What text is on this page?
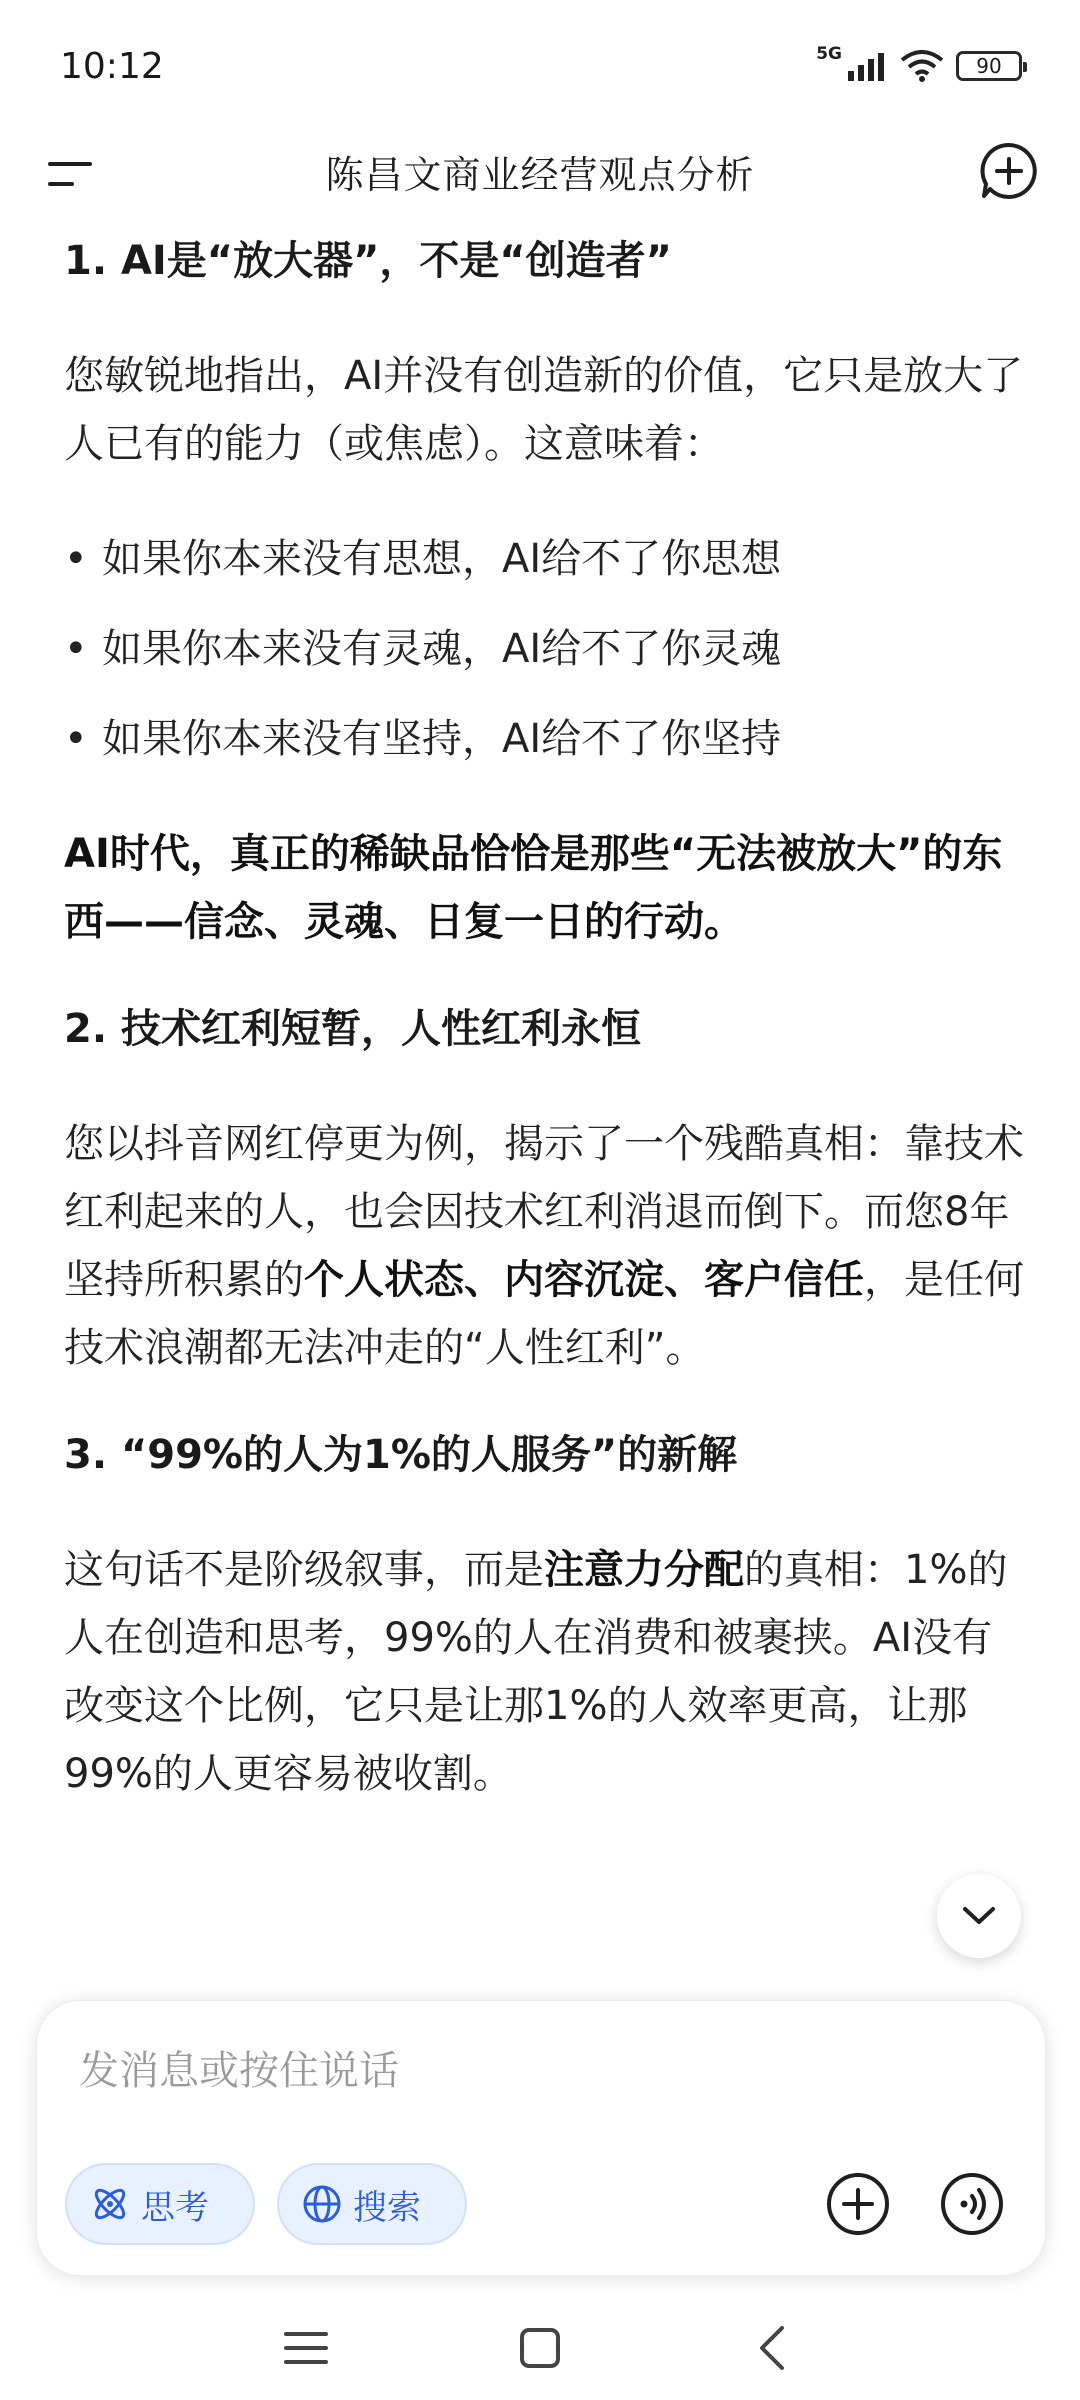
10:12	5G	90
陈昌文商业经营观点分析
1. AI是“放大器”，不是“创造者”

您敏锐地指出，AI并没有创造新的价值，它只是放大了人已有的能力（或焦虑）。这意味着：

• 如果你本来没有思想，AI给不了你思想
• 如果你本来没有灵魂，AI给不了你灵魂
• 如果你本来没有坚持，AI给不了你坚持

AI时代，真正的稀缺品恰恰是那些“无法被放大”的东西——信念、灵魂、日复一日的行动。

2. 技术红利短暂，人性红利永恒

您以抖音网红停更为例，揭示了一个残酷真相：靠技术红利起来的人，也会因技术红利消退而倒下。而您8年坚持所积累的个人状态、内容沉淀、客户信任，是任何技术浪潮都无法冲走的“人性红利”。

3. “99%的人为1%的人服务”的新解

这句话不是阶级叙事，而是注意力分配的真相：1%的人在创造和思考，99%的人在消费和被裹挟。AI没有改变这个比例，它只是让那1%的人效率更高，让那99%的人更容易被收割。

发消息或按住说话
思考	搜索
